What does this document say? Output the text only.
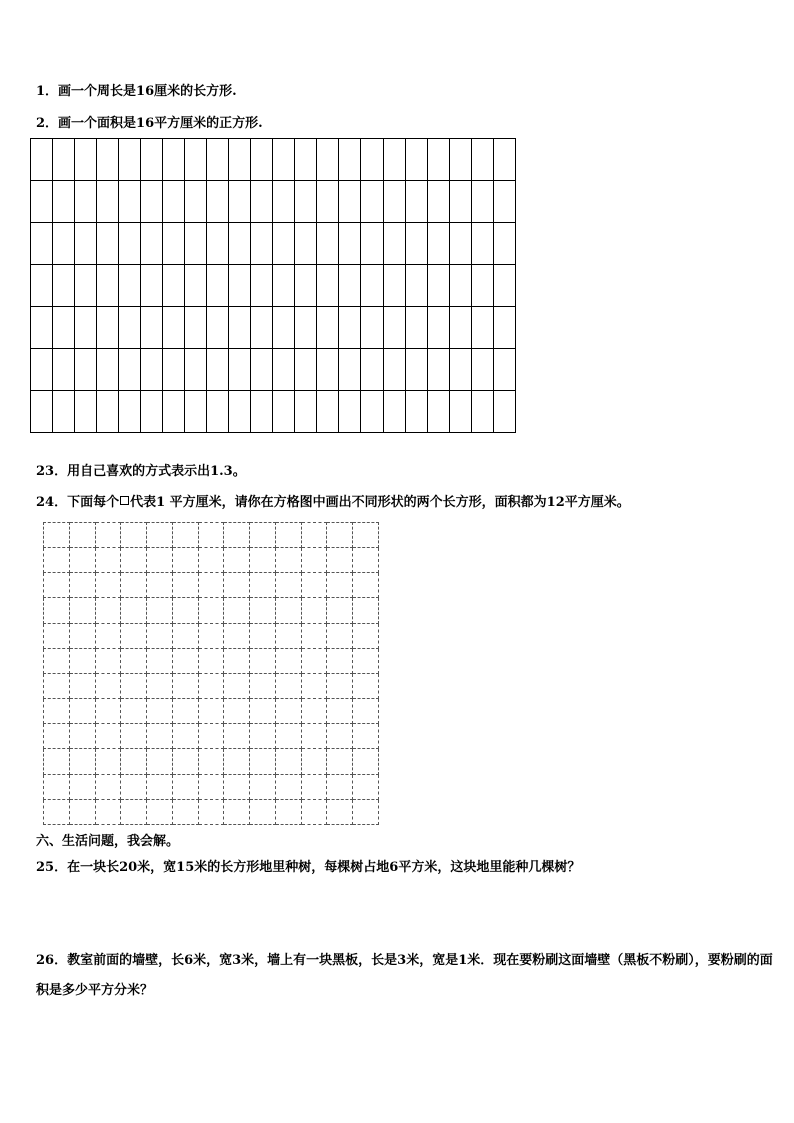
1．画一个周长是16厘米的长方形.
2．画一个面积是16平方厘米的正方形.

23．用自己喜欢的方式表示出1.3。
24．下面每个 代表1 平方厘米，请你在方格图中画出不同形状的两个长方形，面积都为12平方厘米。

六、生活问题，我会解。
25．在一块长20米，宽15米的长方形地里种树，每棵树占地6平方米，这块地里能种几棵树？
26．教室前面的墙壁，长6米，宽3米，墙上有一块黑板，长是3米，宽是1米．现在要粉刷这面墙壁（黑板不粉刷），要粉刷的面积是多少平方分米？
